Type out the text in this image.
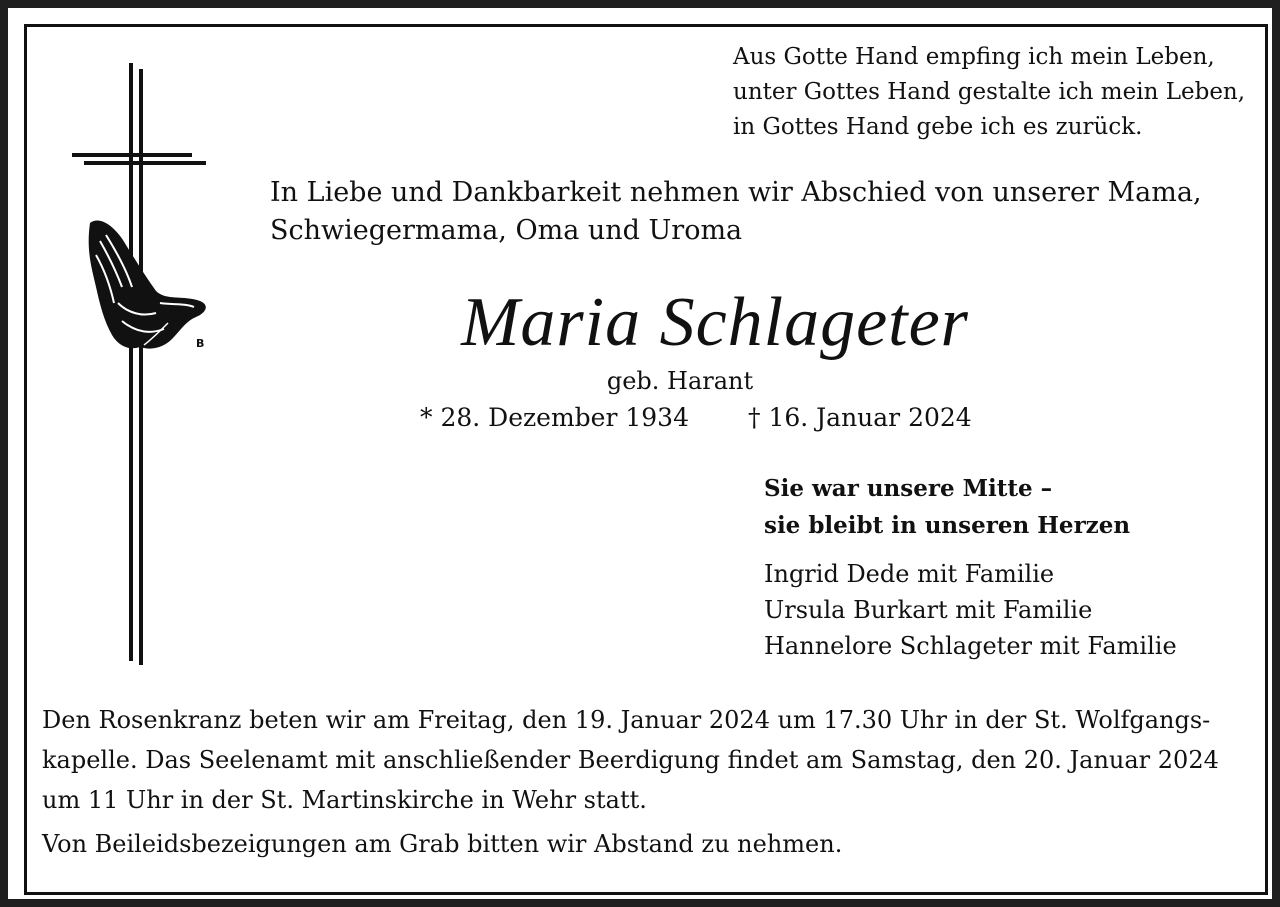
B
Aus Gotte Hand empfing ich mein Leben,
unter Gottes Hand gestalte ich mein Leben,
in Gottes Hand gebe ich es zurück.
In Liebe und Dankbarkeit nehmen wir Abschied von unserer Mama,
Schwiegermama, Oma und Uroma
Maria Schlageter
geb. Harant
* 28. Dezember 1934 † 16. Januar 2024
Sie war unsere Mitte –
sie bleibt in unseren Herzen
Ingrid Dede mit Familie
Ursula Burkart mit Familie
Hannelore Schlageter mit Familie
Den Rosenkranz beten wir am Freitag, den 19. Januar 2024 um 17.30 Uhr in der St. Wolfgangs-
kapelle. Das Seelenamt mit anschließender Beerdigung findet am Samstag, den 20. Januar 2024
um 11 Uhr in der St. Martinskirche in Wehr statt.
Von Beileidsbezeigungen am Grab bitten wir Abstand zu nehmen.
